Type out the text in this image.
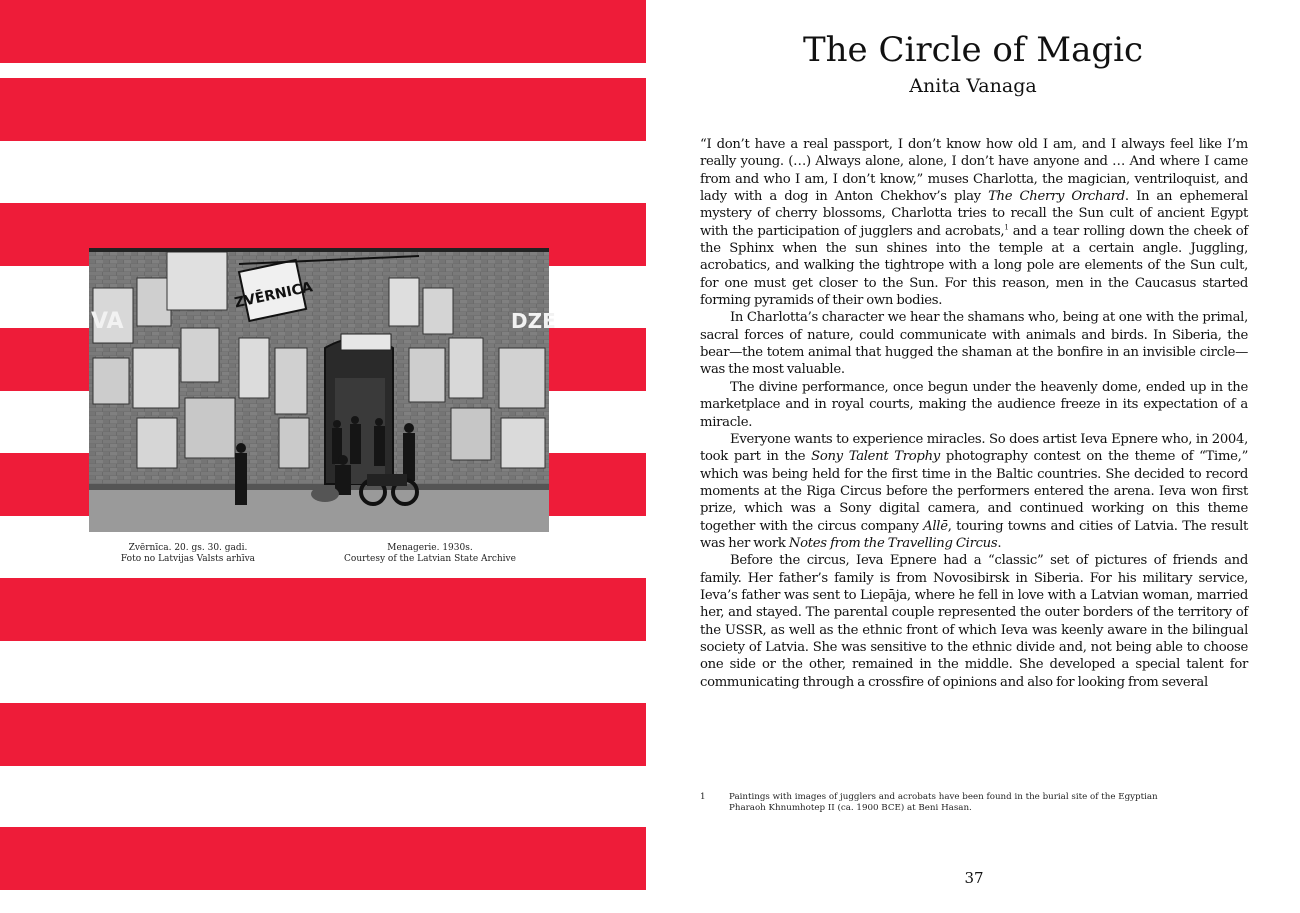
ZVĒRNICA
VA	DZE
Zvērnīca. 20. gs. 30. gadi.
Foto no Latvijas Valsts arhīva
Menagerie. 1930s.
Courtesy of the Latvian State Archive
The Circle of Magic
Anita Vanaga

“I don’t have a real passport, I don’t know how old I am, and I always feel like I’m really young. (…) Always alone, alone, I don’t have anyone and … And where I came from and who I am, I don’t know,” muses Charlotta, the magician, ventriloquist, and lady with a dog in Anton Chekhov’s play The Cherry Orchard. In an ephemeral mystery of cherry blossoms, Charlotta tries to recall the Sun cult of ancient Egypt with the participation of jugglers and acrobats,$^1$ and a tear rolling down the cheek of the Sphinx when the sun shines into the temple at a certain angle. Juggling, acrobatics, and walking the tightrope with a long pole are elements of the Sun cult, for one must get closer to the Sun. For this reason, men in the Caucasus started forming pyramids of their own bodies.

In Charlotta’s character we hear the shamans who, being at one with the primal, sacral forces of nature, could communicate with animals and birds. In Siberia, the bear—the totem animal that hugged the shaman at the bonfire in an invisible circle—was the most valuable.

The divine performance, once begun under the heavenly dome, ended up in the marketplace and in royal courts, making the audience freeze in its expectation of a miracle.

Everyone wants to experience miracles. So does artist Ieva Epnere who, in 2004, took part in the Sony Talent Trophy photography contest on the theme of “Time,” which was being held for the first time in the Baltic countries. She decided to record moments at the Riga Circus before the performers entered the arena. Ieva won first prize, which was a Sony digital camera, and continued working on this theme together with the circus company Allē, touring towns and cities of Latvia. The result was her work Notes from the Travelling Circus.

Before the circus, Ieva Epnere had a “classic” set of pictures of friends and family. Her father’s family is from Novosibirsk in Siberia. For his military service, Ieva’s father was sent to Liepāja, where he fell in love with a Latvian woman, married her, and stayed. The parental couple represented the outer borders of the territory of the USSR, as well as the ethnic front of which Ieva was keenly aware in the bilingual society of Latvia. She was sensitive to the ethnic divide and, not being able to choose one side or the other, remained in the middle. She developed a special talent for communicating through a crossfire of opinions and also for looking from several

1	Paintings with images of jugglers and acrobats have been found in the burial site of the Egyptian Pharaoh Khnumhotep II (ca. 1900 BCE) at Beni Hasan.
37
